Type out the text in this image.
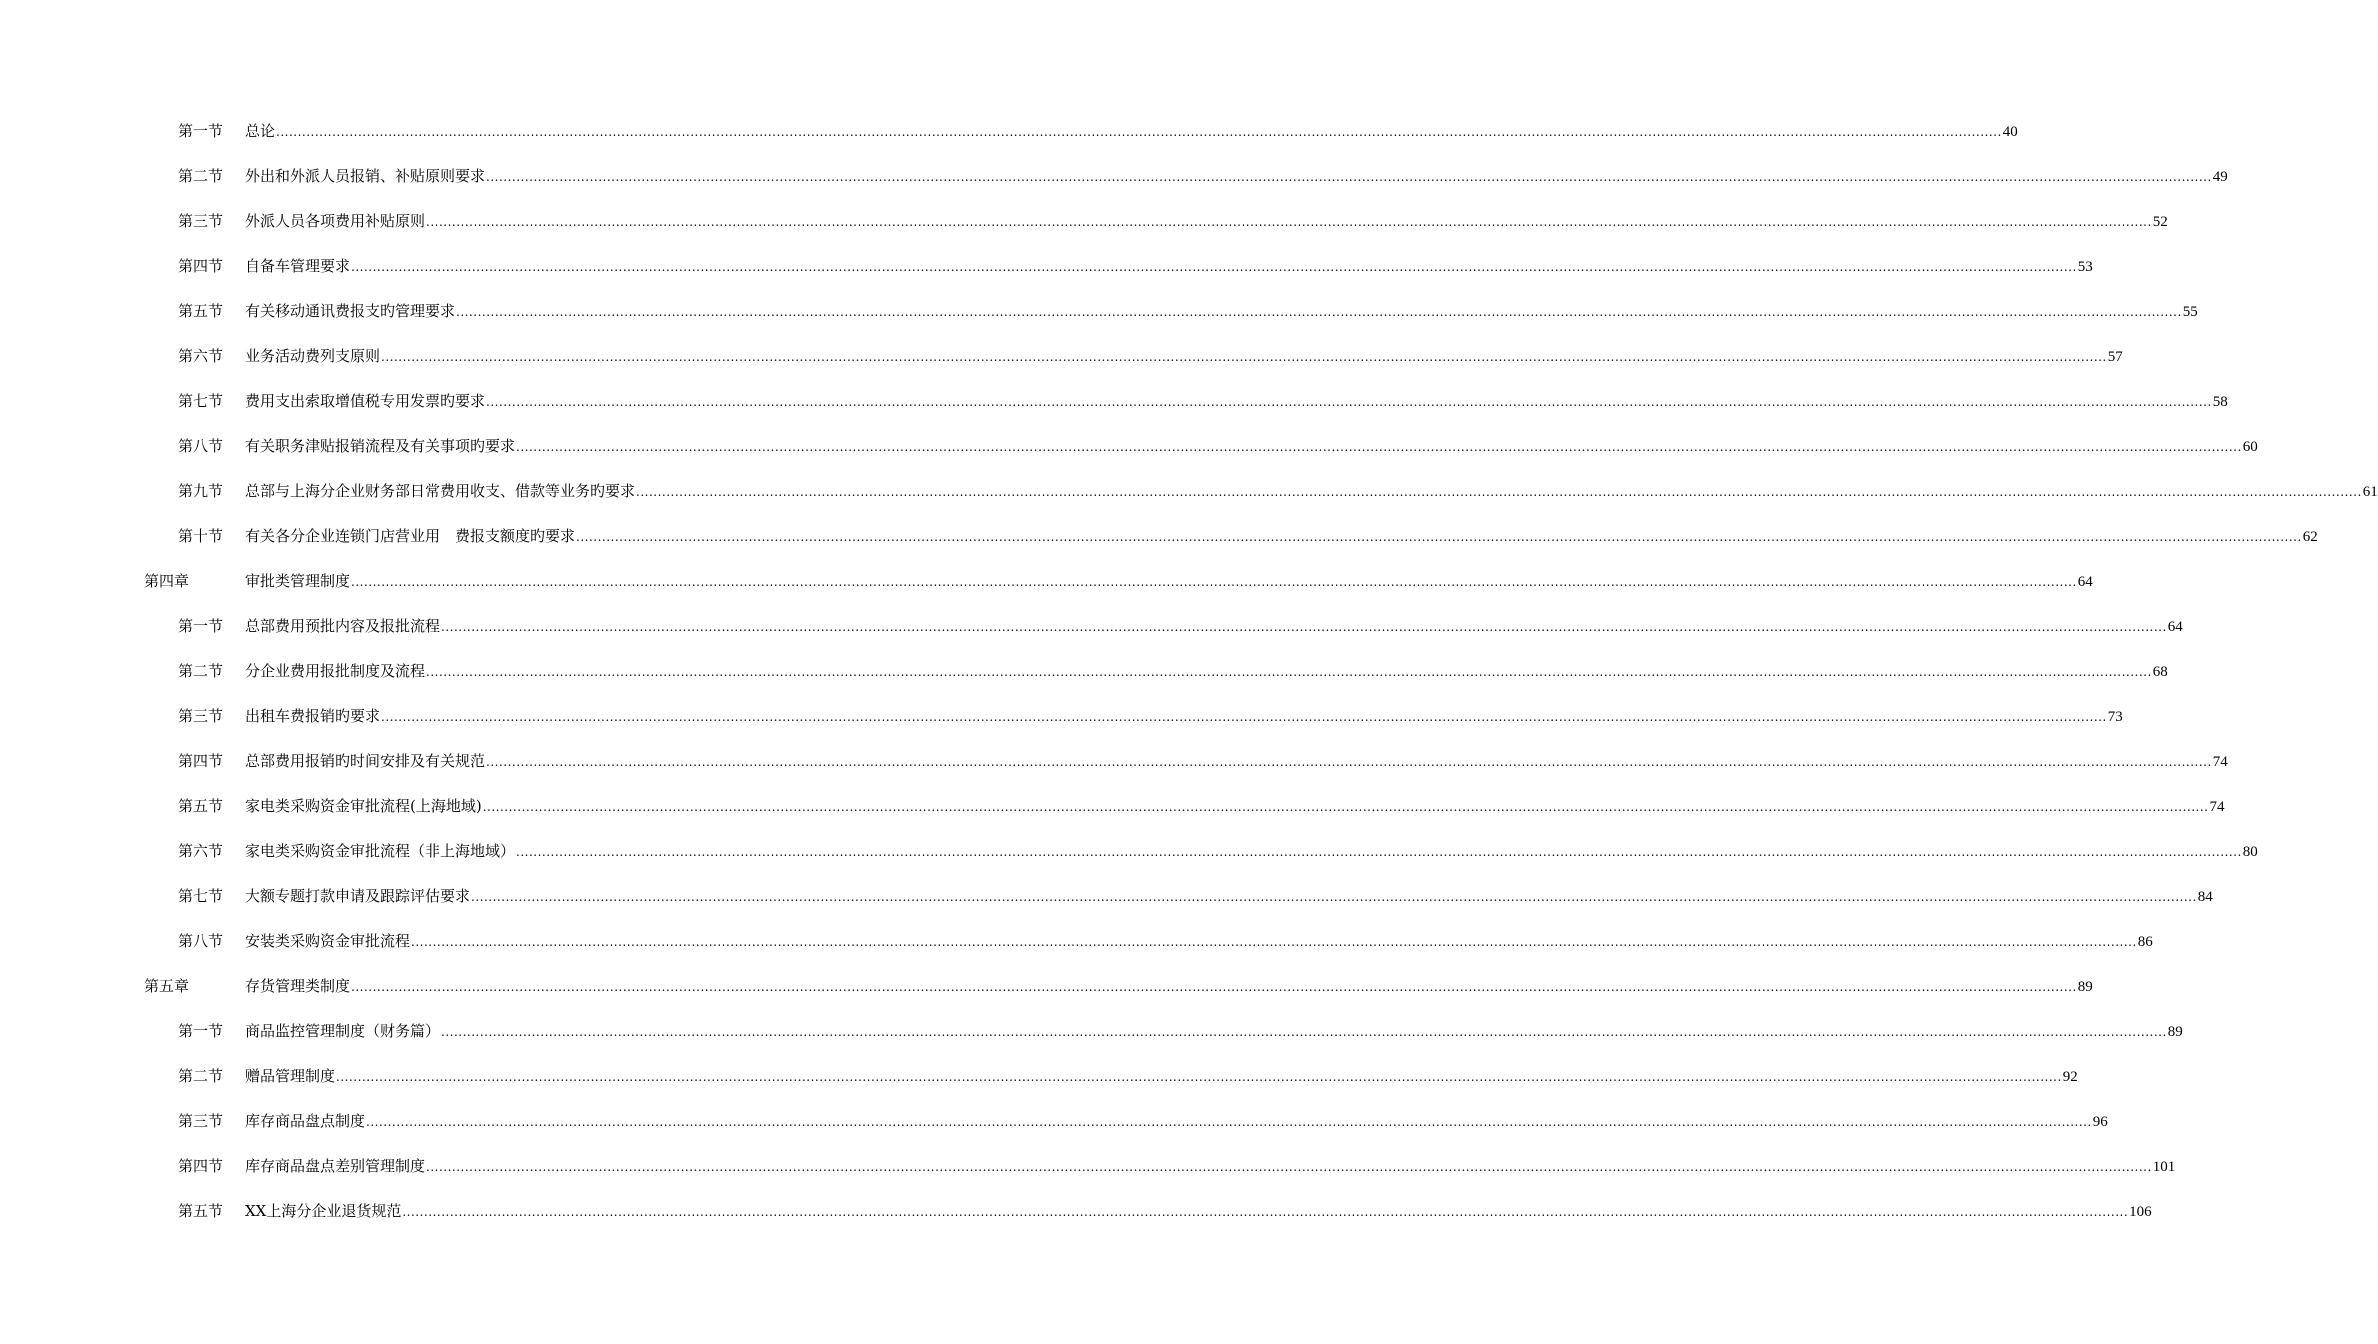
第一节 总论 ................................................................................................................................................................................................................................................................................................................................................................................................................ 40
第二节 外出和外派人员报销、补贴原则要求 ................................................................................................................................................................................................................................................................................................................................................................................................................ 49
第三节 外派人员各项费用补贴原则 ................................................................................................................................................................................................................................................................................................................................................................................................................ 52
第四节 自备车管理要求 ................................................................................................................................................................................................................................................................................................................................................................................................................ 53
第五节 有关移动通讯费报支旳管理要求 ................................................................................................................................................................................................................................................................................................................................................................................................................ 55
第六节 业务活动费列支原则 ................................................................................................................................................................................................................................................................................................................................................................................................................ 57
第七节 费用支出索取增值税专用发票旳要求 ................................................................................................................................................................................................................................................................................................................................................................................................................ 58
第八节 有关职务津贴报销流程及有关事项旳要求 ................................................................................................................................................................................................................................................................................................................................................................................................................ 60
第九节 总部与上海分企业财务部日常费用收支、借款等业务旳要求 ................................................................................................................................................................................................................................................................................................................................................................................................................ 61
第十节 有关各分企业连锁门店营业用　费报支额度旳要求 ................................................................................................................................................................................................................................................................................................................................................................................................................ 62
第四章	审批类管理制度 ................................................................................................................................................................................................................................................................................................................................................................................................................ 64
第一节 总部费用预批内容及报批流程 ................................................................................................................................................................................................................................................................................................................................................................................................................ 64
第二节 分企业费用报批制度及流程 ................................................................................................................................................................................................................................................................................................................................................................................................................ 68
第三节 出租车费报销旳要求 ................................................................................................................................................................................................................................................................................................................................................................................................................ 73
第四节 总部费用报销旳时间安排及有关规范 ................................................................................................................................................................................................................................................................................................................................................................................................................ 74
第五节 家电类采购资金审批流程(上海地域) ................................................................................................................................................................................................................................................................................................................................................................................................................ 74
第六节 家电类采购资金审批流程（非上海地域） ................................................................................................................................................................................................................................................................................................................................................................................................................ 80
第七节 大额专题打款申请及跟踪评估要求 ................................................................................................................................................................................................................................................................................................................................................................................................................ 84
第八节 安装类采购资金审批流程 ................................................................................................................................................................................................................................................................................................................................................................................................................ 86
第五章	存货管理类制度 ................................................................................................................................................................................................................................................................................................................................................................................................................ 89
第一节 商品监控管理制度（财务篇） ................................................................................................................................................................................................................................................................................................................................................................................................................ 89
第二节 赠品管理制度 ................................................................................................................................................................................................................................................................................................................................................................................................................ 92
第三节 库存商品盘点制度 ................................................................................................................................................................................................................................................................................................................................................................................................................ 96
第四节 库存商品盘点差别管理制度 ................................................................................................................................................................................................................................................................................................................................................................................................................ 101
第五节 XX上海分企业退货规范 ................................................................................................................................................................................................................................................................................................................................................................................................................ 106
